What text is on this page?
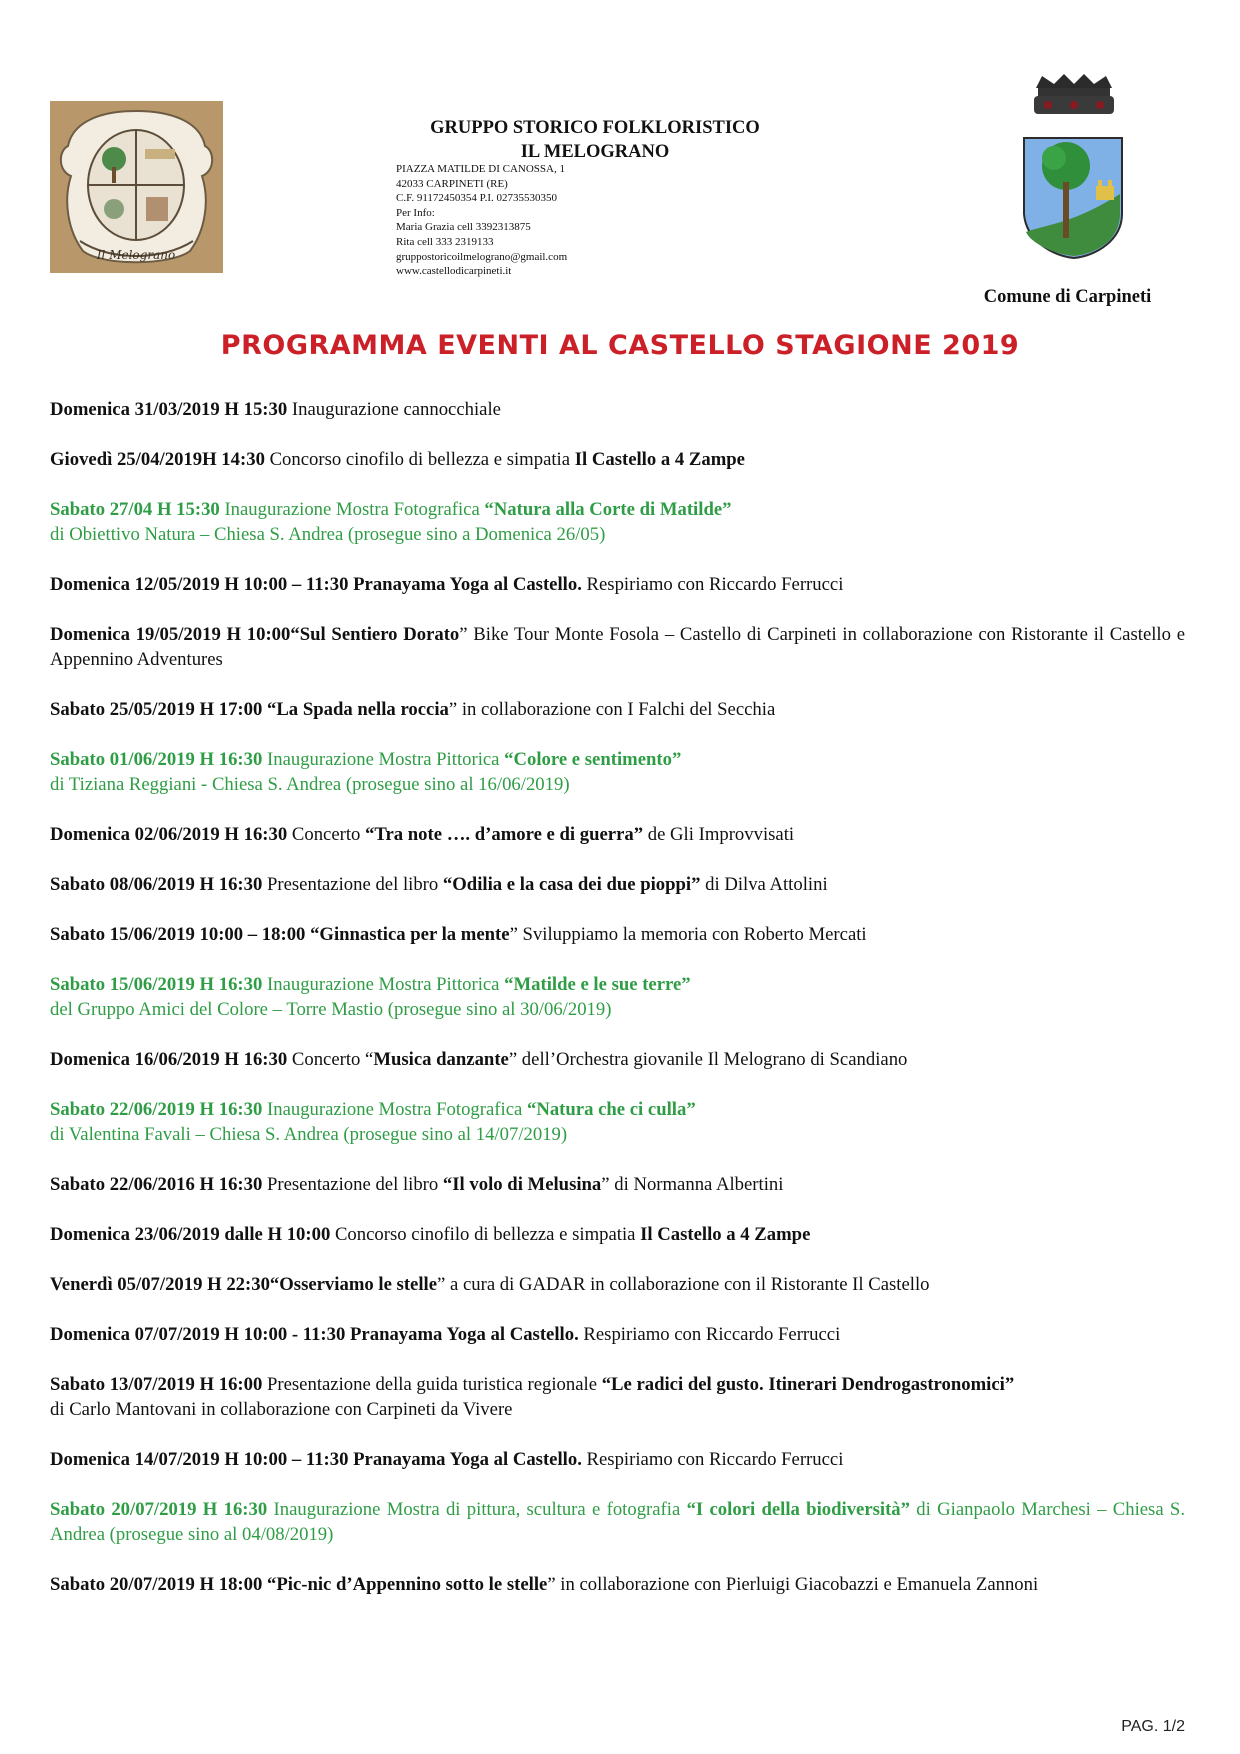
Il Melograno
GRUPPO STORICO FOLKLORISTICO
IL MELOGRANO
PIAZZA MATILDE DI CANOSSA, 1
42033 CARPINETI (RE)
C.F. 91172450354 P.I. 02735530350
Per Info:
Maria Grazia cell 3392313875
Rita cell 333 2319133
gruppostoricoilmelograno@gmail.com
www.castellodicarpineti.it
Comune di Carpineti
PROGRAMMA EVENTI AL CASTELLO STAGIONE 2019
Domenica 31/03/2019 H 15:30 Inaugurazione cannocchiale
Giovedì 25/04/2019H 14:30 Concorso cinofilo di bellezza e simpatia Il Castello a 4 Zampe
Sabato 27/04 H 15:30 Inaugurazione Mostra Fotografica “Natura alla Corte di Matilde”
di Obiettivo Natura – Chiesa S. Andrea (prosegue sino a Domenica 26/05)
Domenica 12/05/2019 H 10:00 – 11:30 Pranayama Yoga al Castello. Respiriamo con Riccardo Ferrucci
Domenica 19/05/2019 H 10:00“Sul Sentiero Dorato” Bike Tour Monte Fosola – Castello di Carpineti in collaborazione con Ristorante il Castello e Appennino Adventures
Sabato 25/05/2019 H 17:00 “La Spada nella roccia” in collaborazione con I Falchi del Secchia
Sabato 01/06/2019 H 16:30 Inaugurazione Mostra Pittorica “Colore e sentimento”
di Tiziana Reggiani - Chiesa S. Andrea (prosegue sino al 16/06/2019)
Domenica 02/06/2019 H 16:30 Concerto “Tra note …. d’amore e di guerra” de Gli Improvvisati
Sabato 08/06/2019 H 16:30 Presentazione del libro “Odilia e la casa dei due pioppi” di Dilva Attolini
Sabato 15/06/2019 10:00 – 18:00 “Ginnastica per la mente” Sviluppiamo la memoria con Roberto Mercati
Sabato 15/06/2019 H 16:30 Inaugurazione Mostra Pittorica “Matilde e le sue terre”
del Gruppo Amici del Colore – Torre Mastio (prosegue sino al 30/06/2019)
Domenica 16/06/2019 H 16:30 Concerto “Musica danzante” dell’Orchestra giovanile Il Melograno di Scandiano
Sabato 22/06/2019 H 16:30 Inaugurazione Mostra Fotografica “Natura che ci culla”
di Valentina Favali – Chiesa S. Andrea (prosegue sino al 14/07/2019)
Sabato 22/06/2016 H 16:30 Presentazione del libro “Il volo di Melusina” di Normanna Albertini
Domenica 23/06/2019 dalle H 10:00 Concorso cinofilo di bellezza e simpatia Il Castello a 4 Zampe
Venerdì 05/07/2019 H 22:30“Osserviamo le stelle” a cura di GADAR in collaborazione con il Ristorante Il Castello
Domenica 07/07/2019 H 10:00 - 11:30 Pranayama Yoga al Castello. Respiriamo con Riccardo Ferrucci
Sabato 13/07/2019 H 16:00 Presentazione della guida turistica regionale “Le radici del gusto. Itinerari Dendrogastronomici”
di Carlo Mantovani in collaborazione con Carpineti da Vivere
Domenica 14/07/2019 H 10:00 – 11:30 Pranayama Yoga al Castello. Respiriamo con Riccardo Ferrucci
Sabato 20/07/2019 H 16:30 Inaugurazione Mostra di pittura, scultura e fotografia “I colori della biodiversità” di Gianpaolo Marchesi – Chiesa S. Andrea (prosegue sino al 04/08/2019)
Sabato 20/07/2019 H 18:00 “Pic-nic d’Appennino sotto le stelle” in collaborazione con Pierluigi Giacobazzi e Emanuela Zannoni
PAG. 1/2
